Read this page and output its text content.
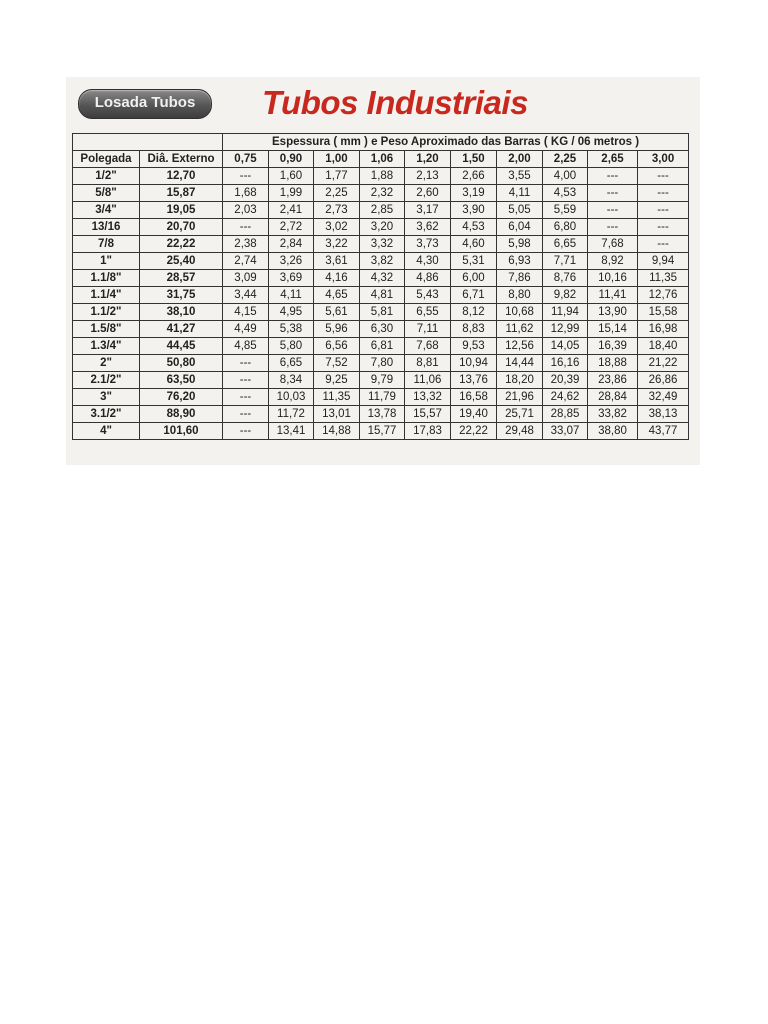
Losada Tubos	Tubos Industriais
		Espessura ( mm ) e Peso Aproximado das Barras ( KG / 06 metros )									
Polegada	Diâ. Externo	0,75	0,90	1,00	1,06	1,20	1,50	2,00	2,25	2,65	3,00
1/2"	12,70	---	1,60	1,77	1,88	2,13	2,66	3,55	4,00	---	---
5/8"	15,87	1,68	1,99	2,25	2,32	2,60	3,19	4,11	4,53	---	---
3/4"	19,05	2,03	2,41	2,73	2,85	3,17	3,90	5,05	5,59	---	---
13/16	20,70	---	2,72	3,02	3,20	3,62	4,53	6,04	6,80	---	---
7/8	22,22	2,38	2,84	3,22	3,32	3,73	4,60	5,98	6,65	7,68	---
1"	25,40	2,74	3,26	3,61	3,82	4,30	5,31	6,93	7,71	8,92	9,94
1.1/8"	28,57	3,09	3,69	4,16	4,32	4,86	6,00	7,86	8,76	10,16	11,35
1.1/4"	31,75	3,44	4,11	4,65	4,81	5,43	6,71	8,80	9,82	11,41	12,76
1.1/2"	38,10	4,15	4,95	5,61	5,81	6,55	8,12	10,68	11,94	13,90	15,58
1.5/8"	41,27	4,49	5,38	5,96	6,30	7,11	8,83	11,62	12,99	15,14	16,98
1.3/4"	44,45	4,85	5,80	6,56	6,81	7,68	9,53	12,56	14,05	16,39	18,40
2"	50,80	---	6,65	7,52	7,80	8,81	10,94	14,44	16,16	18,88	21,22
2.1/2"	63,50	---	8,34	9,25	9,79	11,06	13,76	18,20	20,39	23,86	26,86
3"	76,20	---	10,03	11,35	11,79	13,32	16,58	21,96	24,62	28,84	32,49
3.1/2"	88,90	---	11,72	13,01	13,78	15,57	19,40	25,71	28,85	33,82	38,13
4"	101,60	---	13,41	14,88	15,77	17,83	22,22	29,48	33,07	38,80	43,77
